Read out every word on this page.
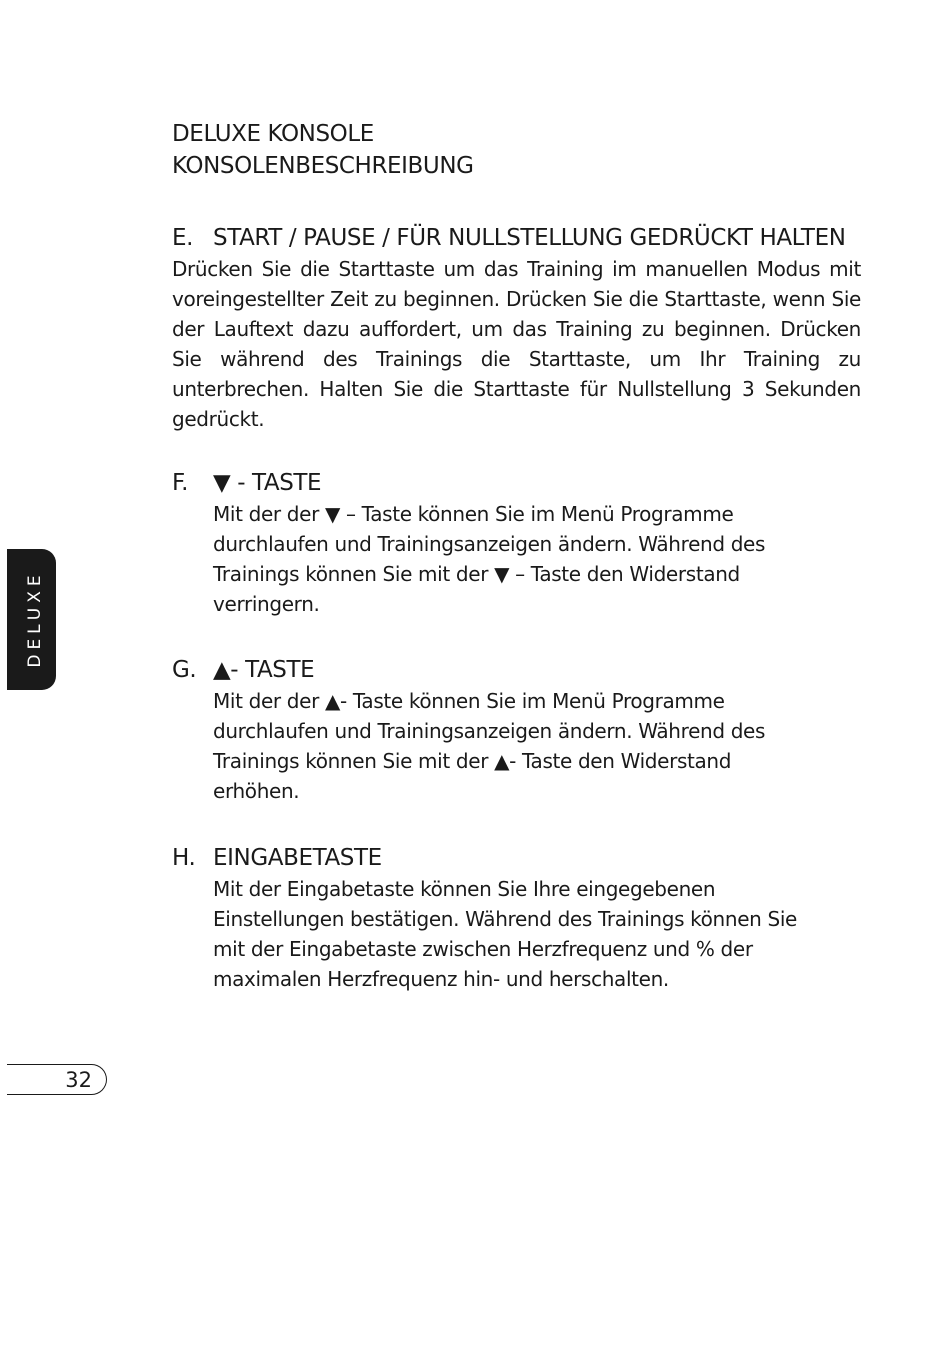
DELUXE KONSOLE
KONSOLENBESCHREIBUNG
E. START / PAUSE / FÜR NULLSTELLUNG GEDRÜCKT HALTEN
Drücken Sie die Starttaste um das Training im manuellen Modus mit voreingestellter Zeit zu beginnen. Drücken Sie die Starttaste, wenn Sie der Lauftext dazu auffordert, um das Training zu beginnen. Drücken Sie während des Trainings die Starttaste, um Ihr Training zu unterbrechen. Halten Sie die Starttaste für Nullstellung 3 Sekunden gedrückt.
F. ▼ - TASTE
Mit der der ▼ – Taste können Sie im Menü Programme
durchlaufen und Trainingsanzeigen ändern. Während des
Trainings können Sie mit der ▼ – Taste den Widerstand
verringern.
G. ▲- TASTE
Mit der der ▲- Taste können Sie im Menü Programme
durchlaufen und Trainingsanzeigen ändern. Während des
Trainings können Sie mit der ▲- Taste den Widerstand
erhöhen.
H. EINGABETASTE
Mit der Eingabetaste können Sie Ihre eingegebenen
Einstellungen bestätigen. Während des Trainings können Sie
mit der Eingabetaste zwischen Herzfrequenz und % der
maximalen Herzfrequenz hin- und herschalten.
DELUXE
32
